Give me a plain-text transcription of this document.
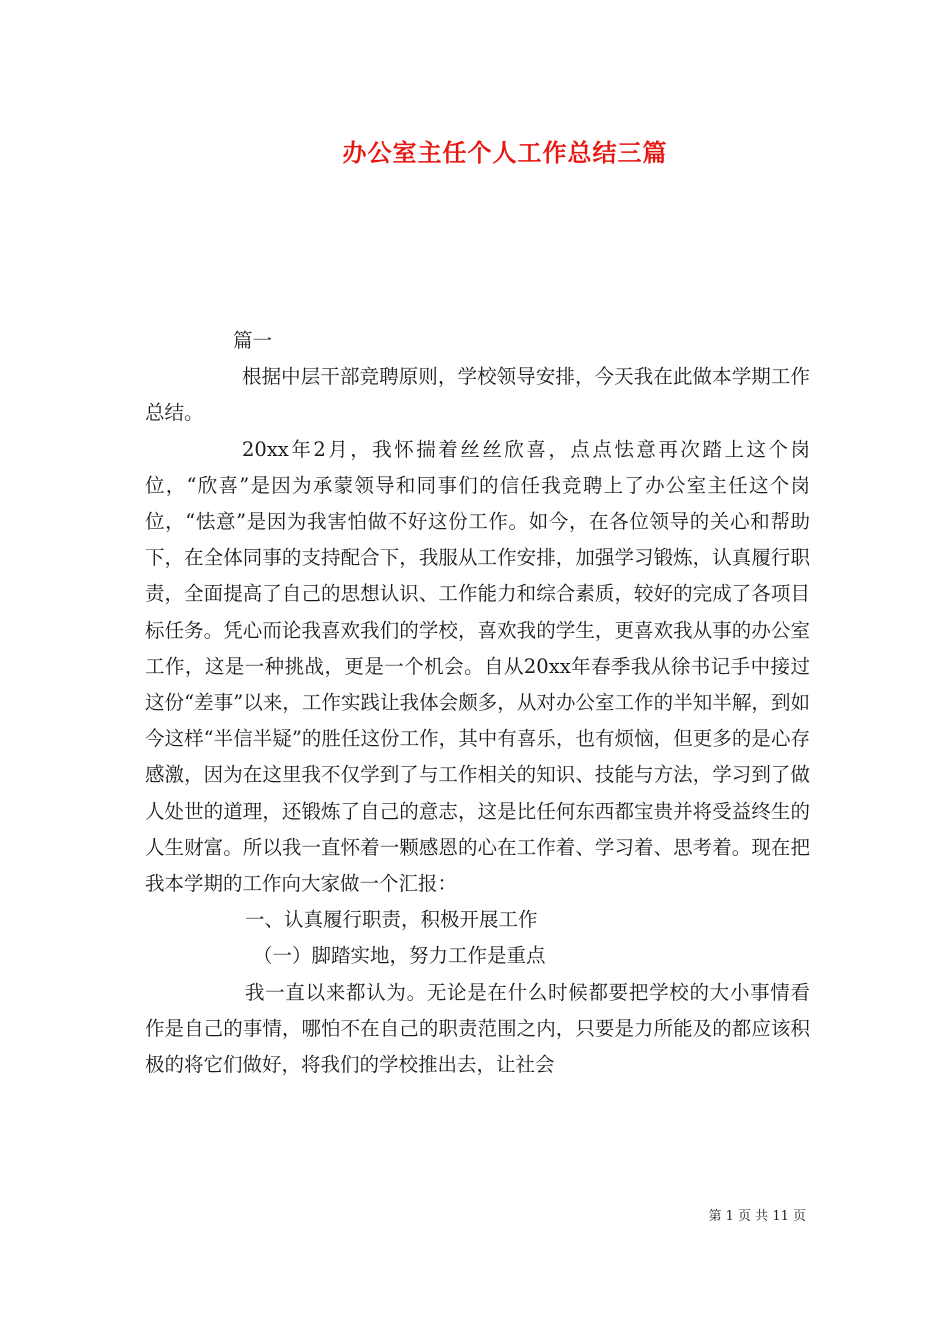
办公室主任个人工作总结三篇

篇一

根据中层干部竞聘原则，学校领导安排，今天我在此做本学期工作总结。

20xx年2月，我怀揣着丝丝欣喜，点点怯意再次踏上这个岗位，“欣喜”是因为承蒙领导和同事们的信任我竞聘上了办公室主任这个岗位，“怯意”是因为我害怕做不好这份工作。如今，在各位领导的关心和帮助下，在全体同事的支持配合下，我服从工作安排，加强学习锻炼，认真履行职责，全面提高了自己的思想认识、工作能力和综合素质，较好的完成了各项目标任务。凭心而论我喜欢我们的学校，喜欢我的学生，更喜欢我从事的办公室工作，这是一种挑战，更是一个机会。自从20xx年春季我从徐书记手中接过这份“差事”以来，工作实践让我体会颇多，从对办公室工作的半知半解，到如今这样“半信半疑”的胜任这份工作，其中有喜乐，也有烦恼，但更多的是心存感激，因为在这里我不仅学到了与工作相关的知识、技能与方法，学习到了做人处世的道理，还锻炼了自己的意志，这是比任何东西都宝贵并将受益终生的人生财富。所以我一直怀着一颗感恩的心在工作着、学习着、思考着。现在把我本学期的工作向大家做一个汇报：

一、认真履行职责，积极开展工作

（一）脚踏实地，努力工作是重点

我一直以来都认为。无论是在什么时候都要把学校的大小事情看作是自己的事情，哪怕不在自己的职责范围之内，只要是力所能及的都应该积极的将它们做好，将我们的学校推出去，让社会

第 1 页 共 11 页
